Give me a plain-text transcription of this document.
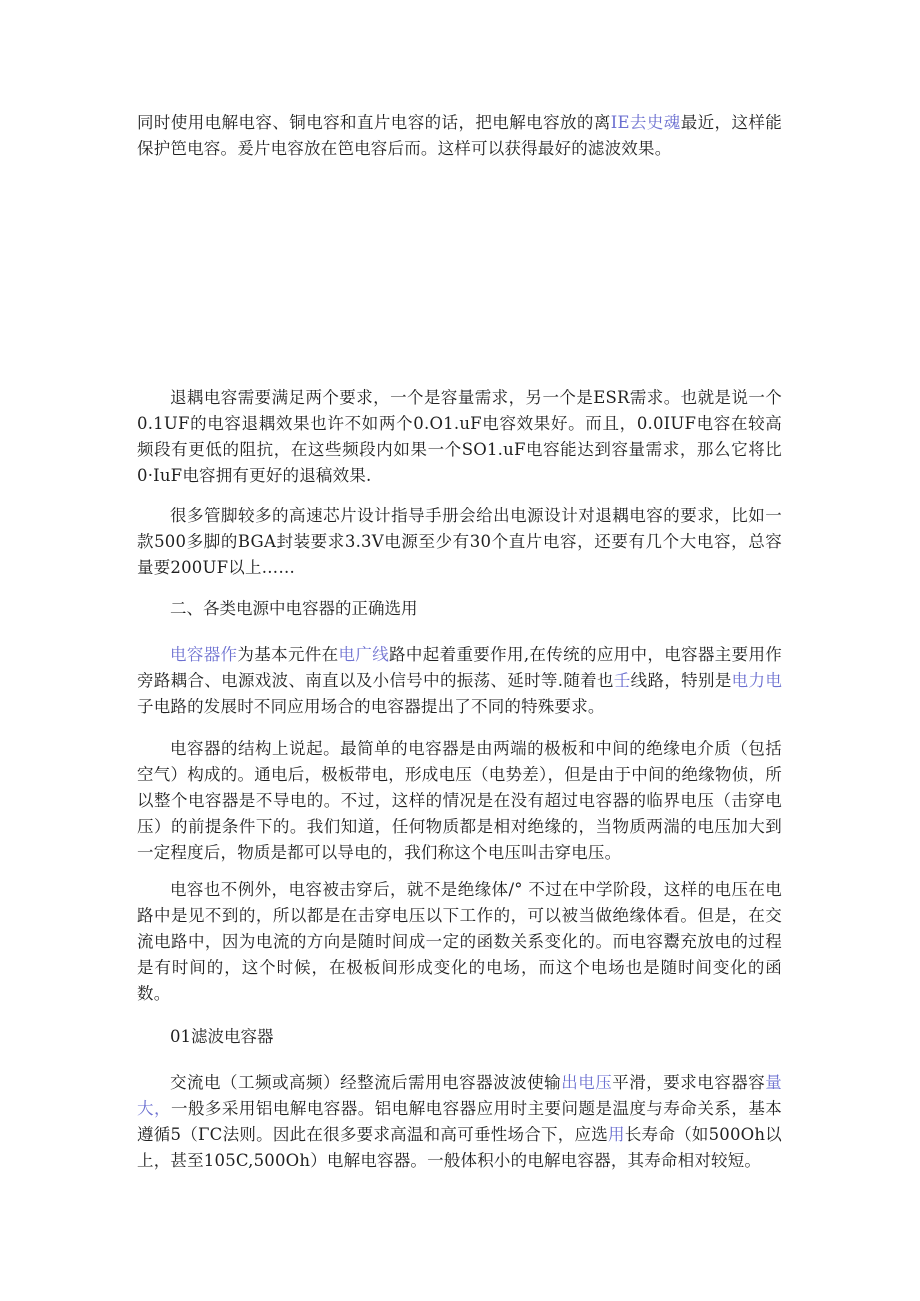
同时使用电解电容、铜电容和直片电容的话，把电解电容放的离IE去史魂最近，这样能保护笆电容。爰片电容放在笆电容后而。这样可以获得最好的滤波效果。

退耦电容需要满足两个要求，一个是容量需求，另一个是ESR需求。也就是说一个0.1UF的电容退耦效果也许不如两个0.O1.uF电容效果好。而且，0.0IUF电容在较高频段有更低的阻抗，在这些频段内如果一个SO1.uF电容能达到容量需求，那么它将比0·IuF电容拥有更好的退稿效果.

很多管脚较多的高速芯片设计指导手册会给出电源设计对退耦电容的要求，比如一款500多脚的BGA封装要求3.3V电源至少有30个直片电容，还要有几个大电容，总容量要200UF以上……

二、各类电源中电容器的正确选用

电容器作为基本元件在电广线路中起着重要作用,在传统的应用中，电容器主要用作旁路耦合、电源戏波、南直以及小信号中的振荡、延时等.随着也壬线路，特别是电力电子电路的发展时不同应用场合的电容器提出了不同的特殊要求。

电容器的结构上说起。最简单的电容器是由两端的极板和中间的绝缘电介质（包括空气）构成的。通电后，极板带电，形成电压（电势差），但是由于中间的绝缘物侦，所以整个电容器是不导电的。不过，这样的情况是在没有超过电容器的临界电压（击穿电压）的前提条件下的。我们知道，任何物质都是相对绝缘的，当物质两湍的电压加大到一定程度后，物质是都可以导电的，我们称这个电压叫击穿电压。

电容也不例外，电容被击穿后，就不是绝缘体/° 不过在中学阶段，这样的电压在电路中是见不到的，所以都是在击穿电压以下工作的，可以被当做绝缘体看。但是，在交流电路中，因为电流的方向是随时间成一定的函数关系变化的。而电容鬻充放电的过程是有时间的，这个时候，在极板间形成变化的电场，而这个电场也是随时间变化的函数。

01滤波电容器

交流电（工频或高频）经整流后需用电容器波波使输出电压平滑，要求电容器容量大，一般多采用铝电解电容器。铝电解电容器应用时主要问题是温度与寿命关系，基本遵循5（ΓC法则。因此在很多要求高温和高可垂性场合下，应选用长寿命（如500Oh以上，甚至105C,500Oh）电解电容器。一般体积小的电解电容器，其寿命相对较短。
